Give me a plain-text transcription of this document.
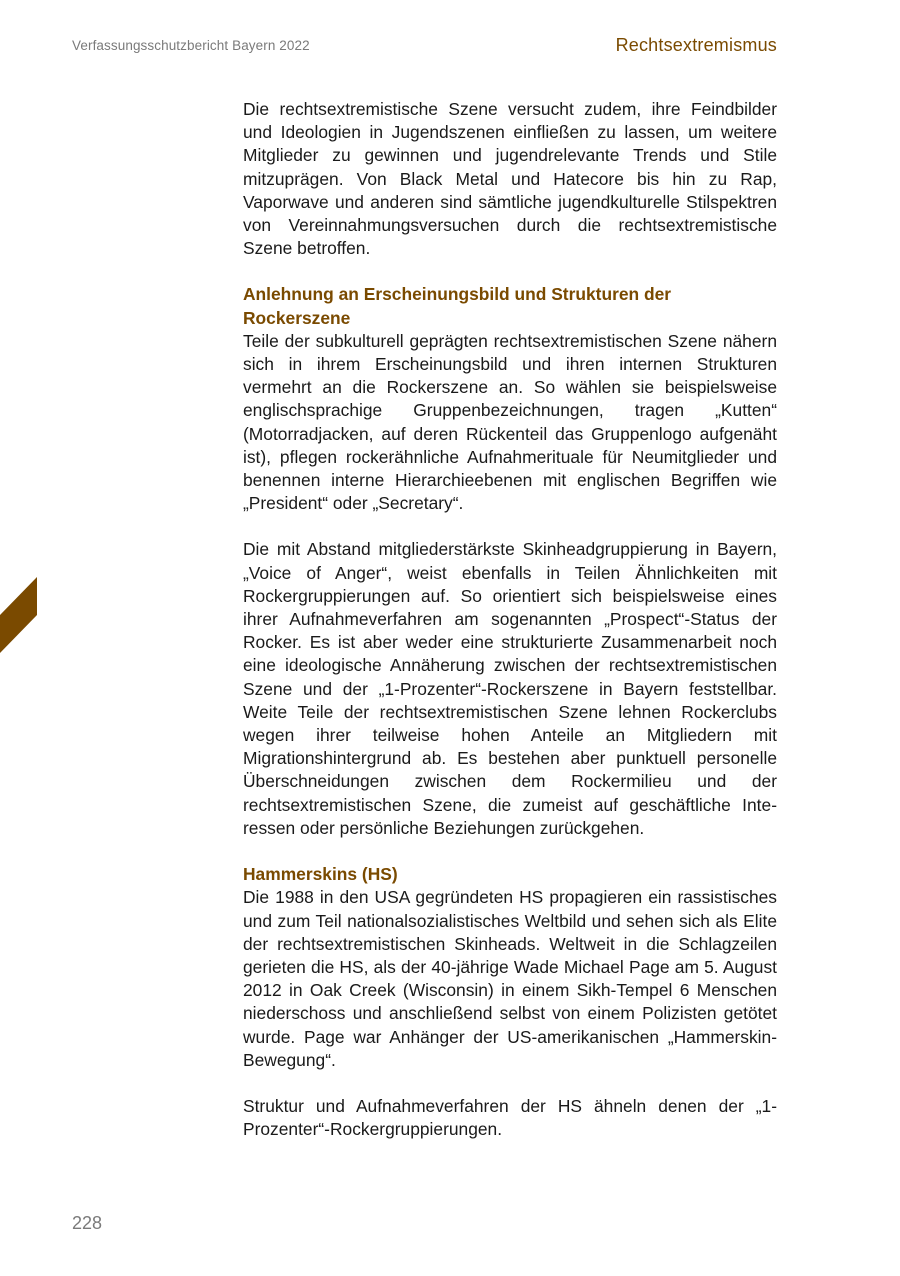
Verfassungsschutzbericht Bayern 2022	Rechtsextremismus

Die rechtsextremistische Szene versucht zudem, ihre Feindbilder und Ideologien in Jugendszenen einfließen zu lassen, um weitere Mitglieder zu gewinnen und jugendrelevante Trends und Stile mitzuprägen. Von Black Metal und Hatecore bis hin zu Rap, Vaporwave und anderen sind sämtliche jugendkulturelle Stilspektren von Vereinnahmungsversuchen durch die rechtsextremistische Szene betroffen.

Anlehnung an Erscheinungsbild und Strukturen der Rockerszene

Teile der subkulturell geprägten rechtsextremistischen Szene nähern sich in ihrem Erscheinungsbild und ihren internen Strukturen vermehrt an die Rockerszene an. So wählen sie beispielsweise englischsprachige Gruppenbezeichnungen, tragen „Kutten“ (Motorradjacken, auf deren Rückenteil das Gruppenlogo aufgenäht ist), pflegen rockerähnliche Aufnahmerituale für Neumitglieder und benennen interne Hierarchieebenen mit englischen Begriffen wie „President“ oder „Secretary“.

Die mit Abstand mitgliederstärkste Skinheadgruppierung in Bayern, „Voice of Anger“, weist ebenfalls in Teilen Ähnlichkeiten mit Rockergruppierungen auf. So orientiert sich beispielsweise eines ihrer Aufnahmeverfahren am sogenannten „Prospect“-Status der Rocker. Es ist aber weder eine strukturierte Zusammenarbeit noch eine ideologische Annäherung zwischen der rechtsextremistischen Szene und der „1-Prozenter“-Rockerszene in Bayern feststellbar. Weite Teile der rechtsextremistischen Szene lehnen Rockerclubs wegen ihrer teilweise hohen Anteile an Mitgliedern mit Migrationshintergrund ab. Es bestehen aber punktuell personelle Überschneidungen zwischen dem Rockermilieu und der rechtsextremistischen Szene, die zumeist auf geschäftliche Interessen oder persönliche Beziehungen zurückgehen.

Hammerskins (HS)

Die 1988 in den USA gegründeten HS propagieren ein rassistisches und zum Teil nationalsozialistisches Weltbild und sehen sich als Elite der rechtsextremistischen Skinheads. Weltweit in die Schlagzeilen gerieten die HS, als der 40-jährige Wade Michael Page am 5. August 2012 in Oak Creek (Wisconsin) in einem Sikh-Tempel 6 Menschen niederschoss und anschließend selbst von einem Polizisten getötet wurde. Page war Anhänger der US-amerikanischen „Hammerskin-Bewegung“.

Struktur und Aufnahmeverfahren der HS ähneln denen der „1-Prozenter“-Rockergruppierungen.

228
